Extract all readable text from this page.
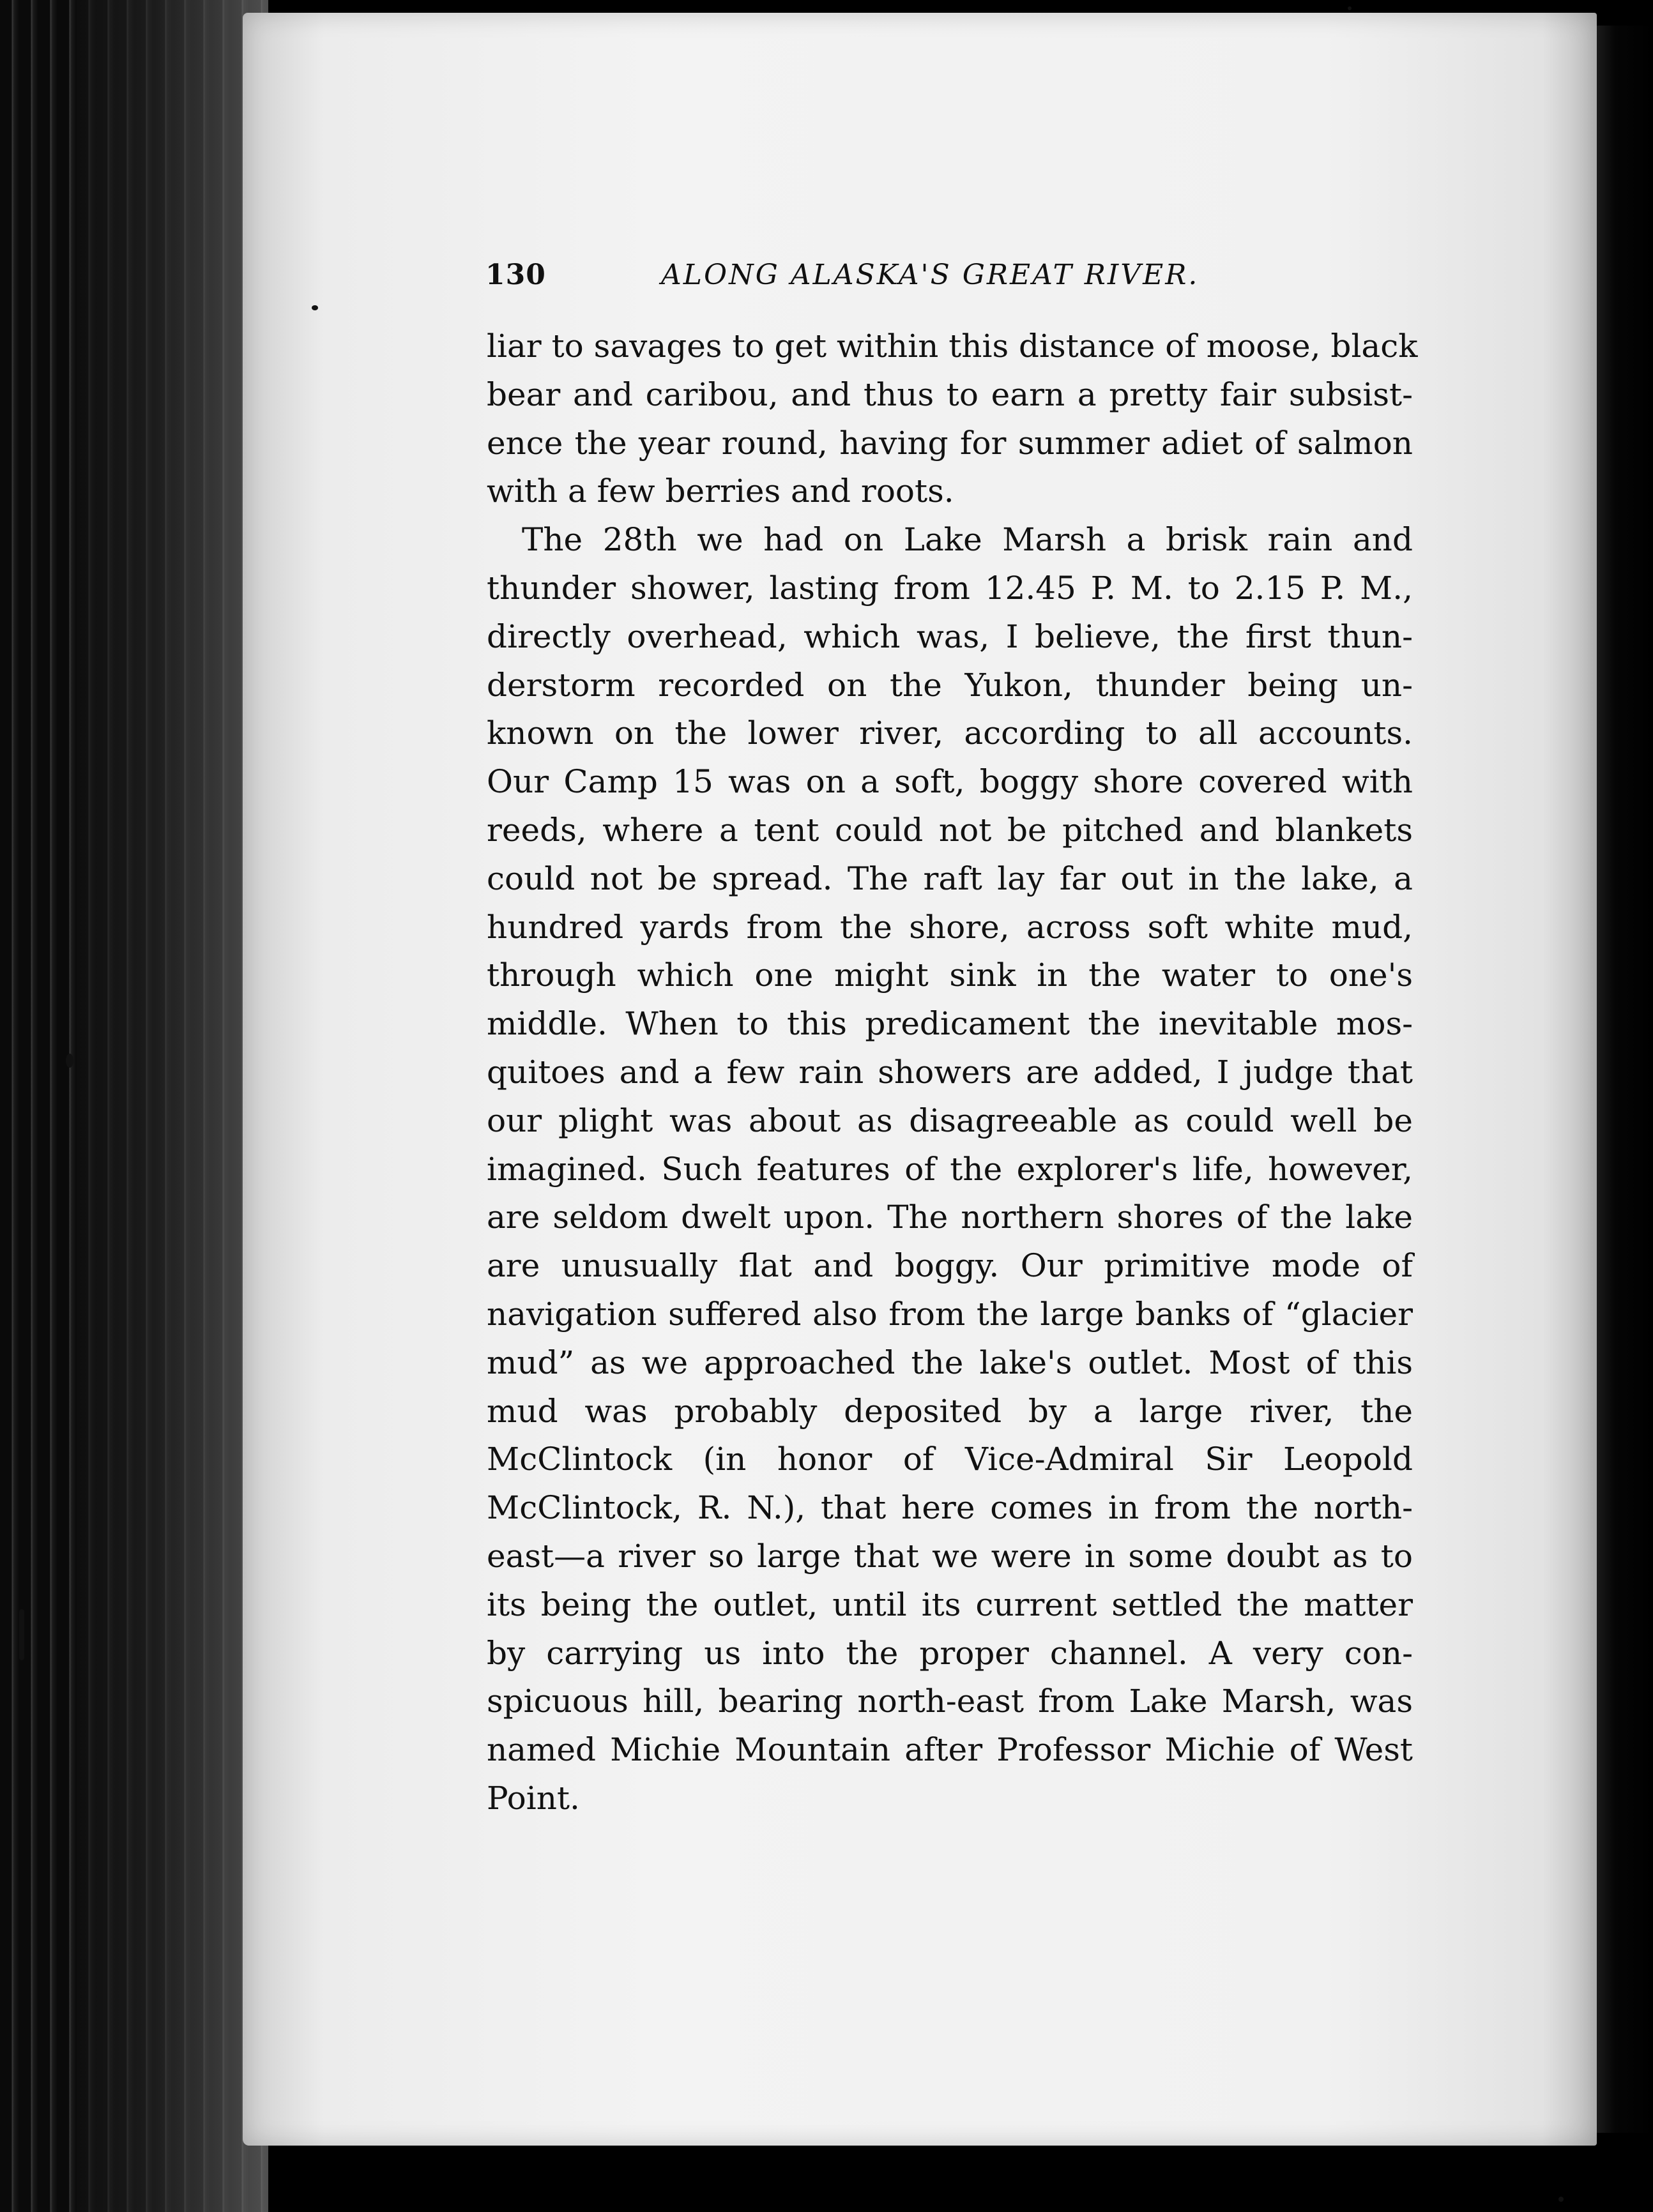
130	ALONG ALASKA'S GREAT RIVER.
liar to savages to get within this distance of moose, black
bear and caribou, and thus to earn a pretty fair subsist-
ence the year round, having for summer adiet of salmon
with a few berries and roots.
The 28th we had on Lake Marsh a brisk rain and
thunder shower, lasting from 12.45 P. M. to 2.15 P. M.,
directly overhead, which was, I believe, the first thun-
derstorm recorded on the Yukon, thunder being un-
known on the lower river, according to all accounts.
Our Camp 15 was on a soft, boggy shore covered with
reeds, where a tent could not be pitched and blankets
could not be spread. The raft lay far out in the lake, a
hundred yards from the shore, across soft white mud,
through which one might sink in the water to one's
middle. When to this predicament the inevitable mos-
quitoes and a few rain showers are added, I judge that
our plight was about as disagreeable as could well be
imagined. Such features of the explorer's life, however,
are seldom dwelt upon. The northern shores of the lake
are unusually flat and boggy. Our primitive mode of
navigation suffered also from the large banks of “glacier
mud” as we approached the lake's outlet. Most of this
mud was probably deposited by a large river, the
McClintock (in honor of Vice-Admiral Sir Leopold
McClintock, R. N.), that here comes in from the north-
east—a river so large that we were in some doubt as to
its being the outlet, until its current settled the matter
by carrying us into the proper channel. A very con-
spicuous hill, bearing north-east from Lake Marsh, was
named Michie Mountain after Professor Michie of West
Point.
